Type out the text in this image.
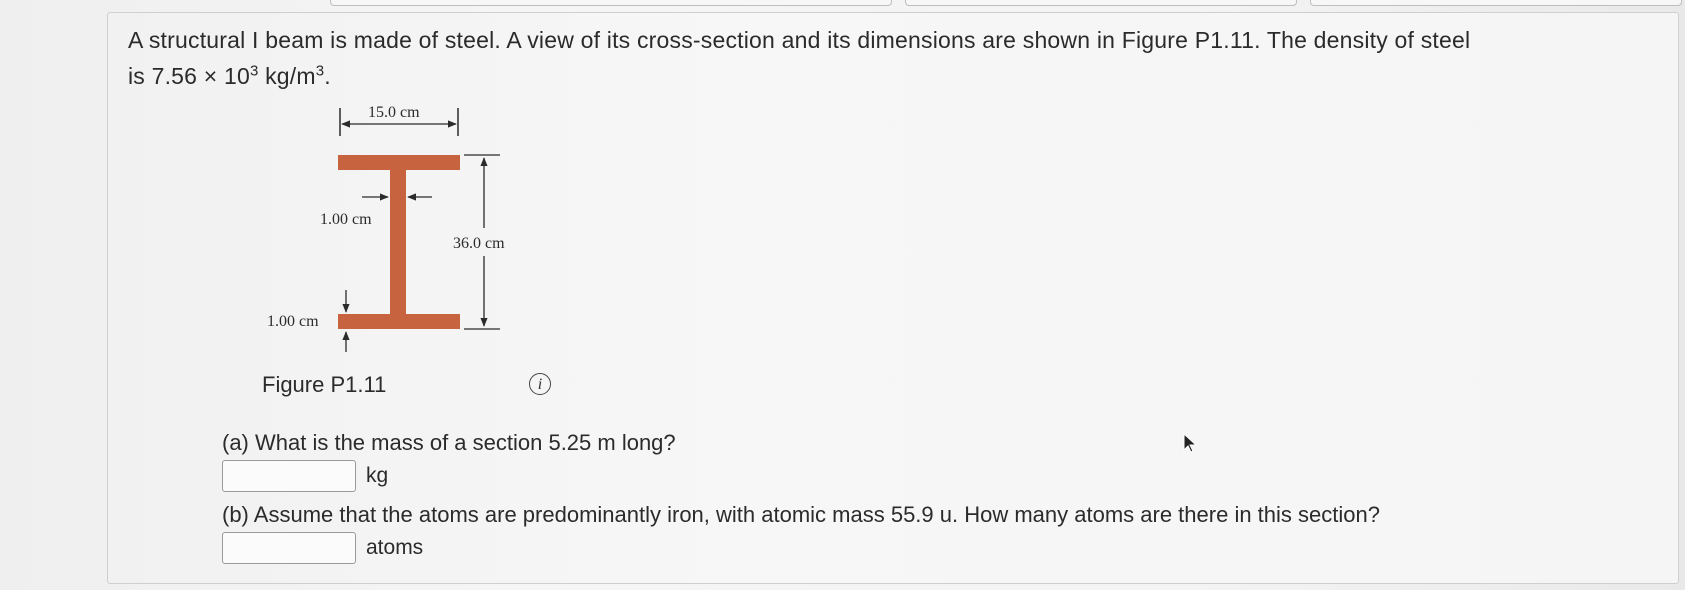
A structural I beam is made of steel. A view of its cross-section and its dimensions are shown in Figure P1.11. The density of steel
is $7.56 \times 10^3$ $kg/m^3$.
15.0 cm
1.00 cm
36.0 cm
1.00 cm
Figure P1.11	i
(a) What is the mass of a section 5.25 m long?
kg
(b) Assume that the atoms are predominantly iron, with atomic mass 55.9 u. How many atoms are there in this section?
atoms
